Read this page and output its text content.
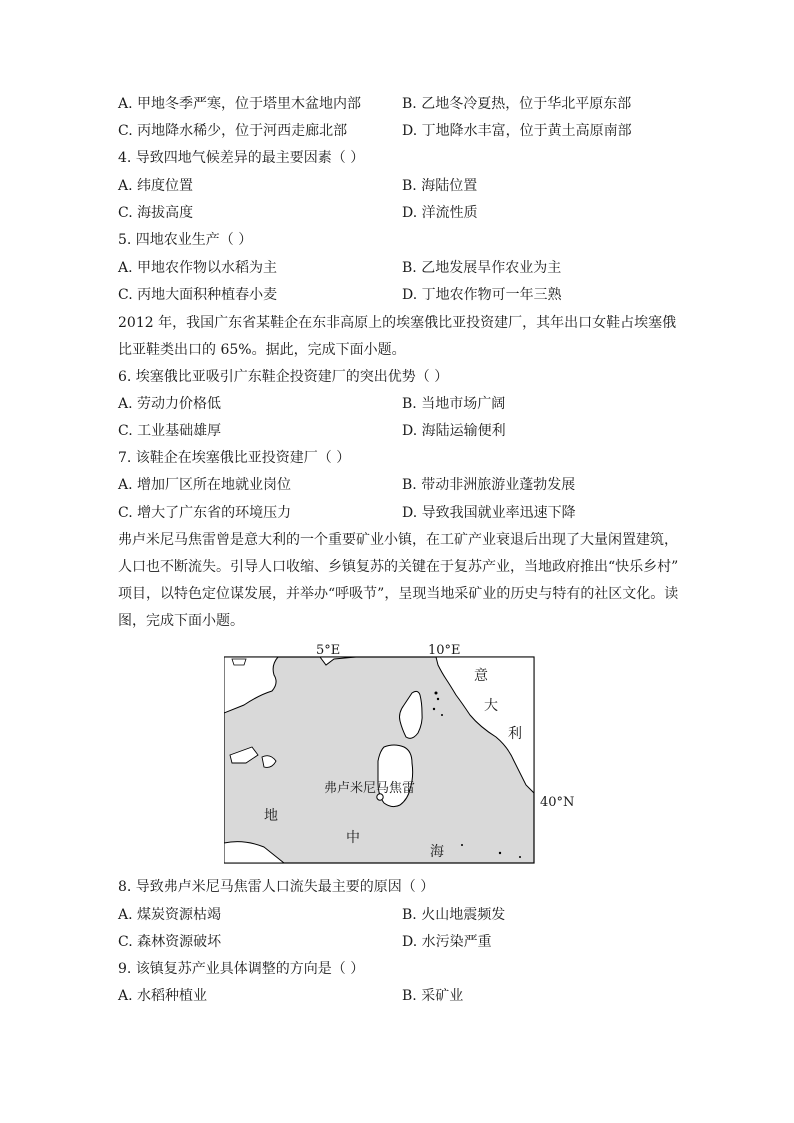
A. 甲地冬季严寒，位于塔里木盆地内部	B. 乙地冬冷夏热，位于华北平原东部
C. 丙地降水稀少，位于河西走廊北部	D. 丁地降水丰富，位于黄土高原南部
4. 导致四地气候差异的最主要因素（ ）
A. 纬度位置	B. 海陆位置
C. 海拔高度	D. 洋流性质
5. 四地农业生产（ ）
A. 甲地农作物以水稻为主	B. 乙地发展旱作农业为主
C. 丙地大面积种植春小麦	D. 丁地农作物可一年三熟
2012 年，我国广东省某鞋企在东非高原上的埃塞俄比亚投资建厂，其年出口女鞋占埃塞俄
比亚鞋类出口的 65%。据此，完成下面小题。
6. 埃塞俄比亚吸引广东鞋企投资建厂的突出优势（ ）
A. 劳动力价格低	B. 当地市场广阔
C. 工业基础雄厚	D. 海陆运输便利
7. 该鞋企在埃塞俄比亚投资建厂（ ）
A. 增加厂区所在地就业岗位	B. 带动非洲旅游业蓬勃发展
C. 增大了广东省的环境压力	D. 导致我国就业率迅速下降
弗卢米尼马焦雷曾是意大利的一个重要矿业小镇，在工矿产业衰退后出现了大量闲置建筑，
人口也不断流失。引导人口收缩、乡镇复苏的关键在于复苏产业，当地政府推出“快乐乡村”
项目，以特色定位谋发展，并举办“呼吸节”，呈现当地采矿业的历史与特有的社区文化。读
图，完成下面小题。
5°E	10°E
意
大
利
弗卢米尼马焦雷
40°N
地
中
海
8. 导致弗卢米尼马焦雷人口流失最主要的原因（ ）
A. 煤炭资源枯竭	B. 火山地震频发
C. 森林资源破坏	D. 水污染严重
9. 该镇复苏产业具体调整的方向是（ ）
A. 水稻种植业	B. 采矿业
